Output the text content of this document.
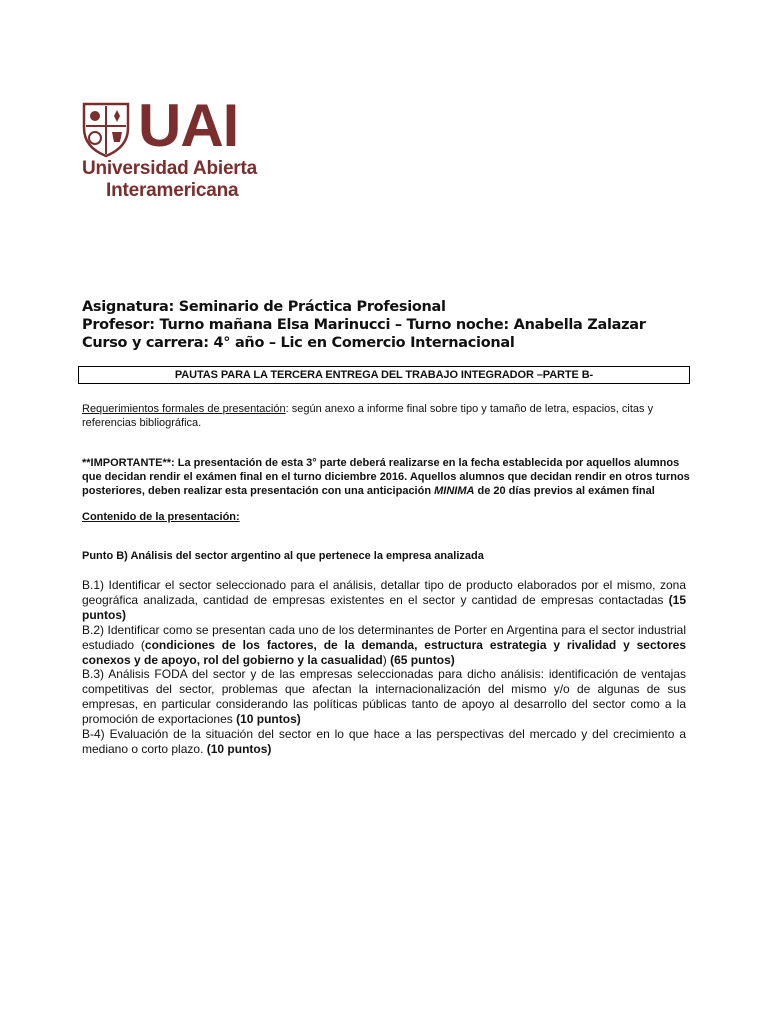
UAI
Universidad Abierta
Interamericana
Asignatura: Seminario de Práctica Profesional
Profesor: Turno mañana Elsa Marinucci – Turno noche: Anabella Zalazar
Curso y carrera: 4° año – Lic en Comercio Internacional
PAUTAS PARA LA TERCERA ENTREGA DEL TRABAJO INTEGRADOR –PARTE B-
Requerimientos formales de presentación: según anexo a informe final sobre tipo y tamaño de letra, espacios, citas y referencias bibliográfica.
**IMPORTANTE**: La presentación de esta 3° parte deberá realizarse en la fecha establecida por aquellos alumnos que decidan rendir el exámen final en el turno diciembre 2016. Aquellos alumnos que decidan rendir en otros turnos posteriores, deben realizar esta presentación con una anticipación MINIMA de 20 días previos al exámen final
Contenido de la presentación:
Punto B) Análisis del sector argentino al que pertenece la empresa analizada
B.1) Identificar el sector seleccionado para el análisis, detallar tipo de producto elaborados por el mismo, zona geográfica analizada, cantidad de empresas existentes en el sector y cantidad de empresas contactadas (15 puntos)
B.2) Identificar como se presentan cada uno de los determinantes de Porter en Argentina para el sector industrial estudiado (condiciones de los factores, de la demanda, estructura estrategia y rivalidad y sectores conexos y de apoyo, rol del gobierno y la casualidad) (65 puntos)
B.3) Análisis FODA del sector y de las empresas seleccionadas para dicho análisis: identificación de ventajas competitivas del sector, problemas que afectan la internacionalización del mismo y/o de algunas de sus empresas, en particular considerando las políticas públicas tanto de apoyo al desarrollo del sector como a la promoción de exportaciones (10 puntos)
B-4) Evaluación de la situación del sector en lo que hace a las perspectivas del mercado y del crecimiento a mediano o corto plazo. (10 puntos)
